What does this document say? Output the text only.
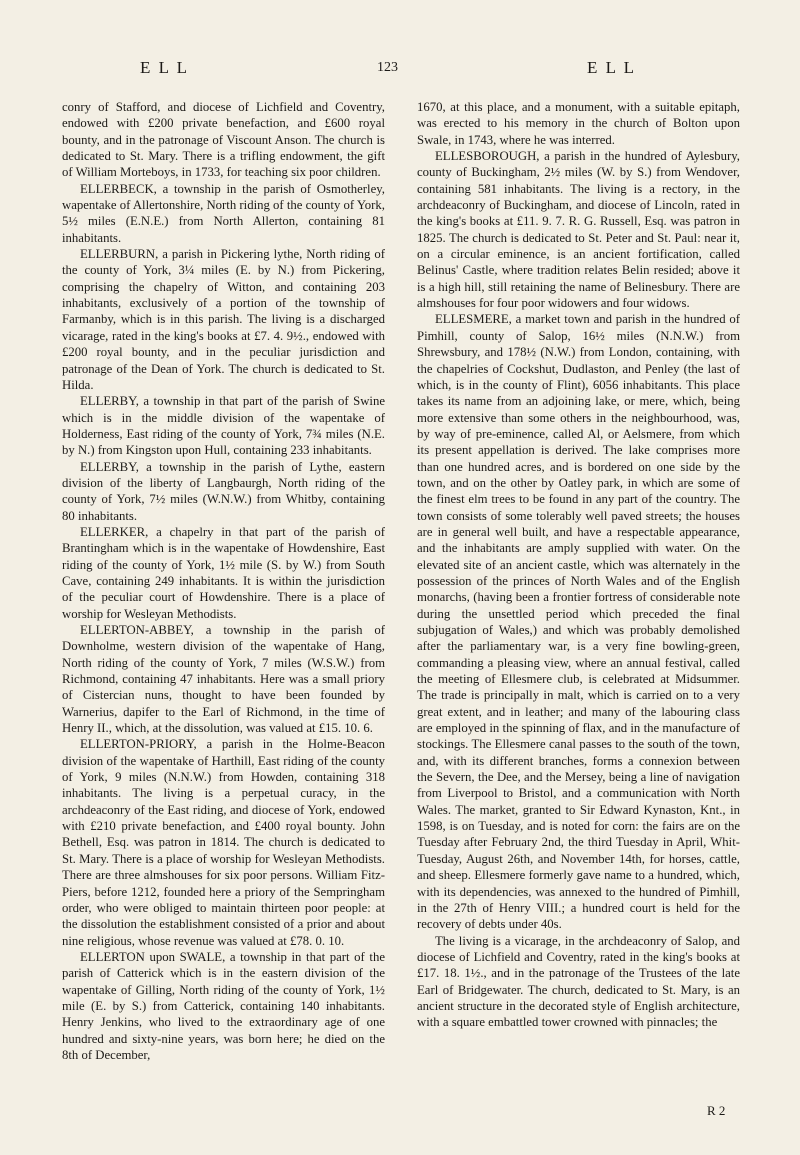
E L L	123	E L L

conry of Stafford, and diocese of Lichfield and Coventry, endowed with £200 private benefaction, and £600 royal bounty, and in the patronage of Viscount Anson. The church is dedicated to St. Mary. There is a trifling endowment, the gift of William Morteboys, in 1733, for teaching six poor children.

ELLERBECK, a township in the parish of Osmotherley, wapentake of Allertonshire, North riding of the county of York, 5½ miles (E.N.E.) from North Allerton, containing 81 inhabitants.

ELLERBURN, a parish in Pickering lythe, North riding of the county of York, 3¼ miles (E. by N.) from Pickering, comprising the chapelry of Witton, and containing 203 inhabitants, exclusively of a portion of the township of Farmanby, which is in this parish. The living is a discharged vicarage, rated in the king's books at £7. 4. 9½., endowed with £200 royal bounty, and in the peculiar jurisdiction and patronage of the Dean of York. The church is dedicated to St. Hilda.

ELLERBY, a township in that part of the parish of Swine which is in the middle division of the wapentake of Holderness, East riding of the county of York, 7¾ miles (N.E. by N.) from Kingston upon Hull, containing 233 inhabitants.

ELLERBY, a township in the parish of Lythe, eastern division of the liberty of Langbaurgh, North riding of the county of York, 7½ miles (W.N.W.) from Whitby, containing 80 inhabitants.

ELLERKER, a chapelry in that part of the parish of Brantingham which is in the wapentake of Howdenshire, East riding of the county of York, 1½ mile (S. by W.) from South Cave, containing 249 inhabitants. It is within the jurisdiction of the peculiar court of Howdenshire. There is a place of worship for Wesleyan Methodists.

ELLERTON-ABBEY, a township in the parish of Downholme, western division of the wapentake of Hang, North riding of the county of York, 7 miles (W.S.W.) from Richmond, containing 47 inhabitants. Here was a small priory of Cistercian nuns, thought to have been founded by Warnerius, dapifer to the Earl of Richmond, in the time of Henry II., which, at the dissolution, was valued at £15. 10. 6.

ELLERTON-PRIORY, a parish in the Holme-Beacon division of the wapentake of Harthill, East riding of the county of York, 9 miles (N.N.W.) from Howden, containing 318 inhabitants. The living is a perpetual curacy, in the archdeaconry of the East riding, and diocese of York, endowed with £210 private benefaction, and £400 royal bounty. John Bethell, Esq. was patron in 1814. The church is dedicated to St. Mary. There is a place of worship for Wesleyan Methodists. There are three almshouses for six poor persons. William Fitz-Piers, before 1212, founded here a priory of the Sempringham order, who were obliged to maintain thirteen poor people: at the dissolution the establishment consisted of a prior and about nine religious, whose revenue was valued at £78. 0. 10.

ELLERTON upon SWALE, a township in that part of the parish of Catterick which is in the eastern division of the wapentake of Gilling, North riding of the county of York, 1½ mile (E. by S.) from Catterick, containing 140 inhabitants. Henry Jenkins, who lived to the extraordinary age of one hundred and sixty-nine years, was born here; he died on the 8th of December,

1670, at this place, and a monument, with a suitable epitaph, was erected to his memory in the church of Bolton upon Swale, in 1743, where he was interred.

ELLESBOROUGH, a parish in the hundred of Aylesbury, county of Buckingham, 2½ miles (W. by S.) from Wendover, containing 581 inhabitants. The living is a rectory, in the archdeaconry of Buckingham, and diocese of Lincoln, rated in the king's books at £11. 9. 7. R. G. Russell, Esq. was patron in 1825. The church is dedicated to St. Peter and St. Paul: near it, on a circular eminence, is an ancient fortification, called Belinus' Castle, where tradition relates Belin resided; above it is a high hill, still retaining the name of Belinesbury. There are almshouses for four poor widowers and four widows.

ELLESMERE, a market town and parish in the hundred of Pimhill, county of Salop, 16½ miles (N.N.W.) from Shrewsbury, and 178½ (N.W.) from London, containing, with the chapelries of Cockshut, Dudlaston, and Penley (the last of which, is in the county of Flint), 6056 inhabitants. This place takes its name from an adjoining lake, or mere, which, being more extensive than some others in the neighbourhood, was, by way of pre-eminence, called Al, or Aelsmere, from which its present appellation is derived. The lake comprises more than one hundred acres, and is bordered on one side by the town, and on the other by Oatley park, in which are some of the finest elm trees to be found in any part of the country. The town consists of some tolerably well paved streets; the houses are in general well built, and have a respectable appearance, and the inhabitants are amply supplied with water. On the elevated site of an ancient castle, which was alternately in the possession of the princes of North Wales and of the English monarchs, (having been a frontier fortress of considerable note during the unsettled period which preceded the final subjugation of Wales,) and which was probably demolished after the parliamentary war, is a very fine bowling-green, commanding a pleasing view, where an annual festival, called the meeting of Ellesmere club, is celebrated at Midsummer. The trade is principally in malt, which is carried on to a very great extent, and in leather; and many of the labouring class are employed in the spinning of flax, and in the manufacture of stockings. The Ellesmere canal passes to the south of the town, and, with its different branches, forms a connexion between the Severn, the Dee, and the Mersey, being a line of navigation from Liverpool to Bristol, and a communication with North Wales. The market, granted to Sir Edward Kynaston, Knt., in 1598, is on Tuesday, and is noted for corn: the fairs are on the Tuesday after February 2nd, the third Tuesday in April, Whit-Tuesday, August 26th, and November 14th, for horses, cattle, and sheep. Ellesmere formerly gave name to a hundred, which, with its dependencies, was annexed to the hundred of Pimhill, in the 27th of Henry VIII.; a hundred court is held for the recovery of debts under 40s.

The living is a vicarage, in the archdeaconry of Salop, and diocese of Lichfield and Coventry, rated in the king's books at £17. 18. 1½., and in the patronage of the Trustees of the late Earl of Bridgewater. The church, dedicated to St. Mary, is an ancient structure in the decorated style of English architecture, with a square embattled tower crowned with pinnacles; the

R 2
